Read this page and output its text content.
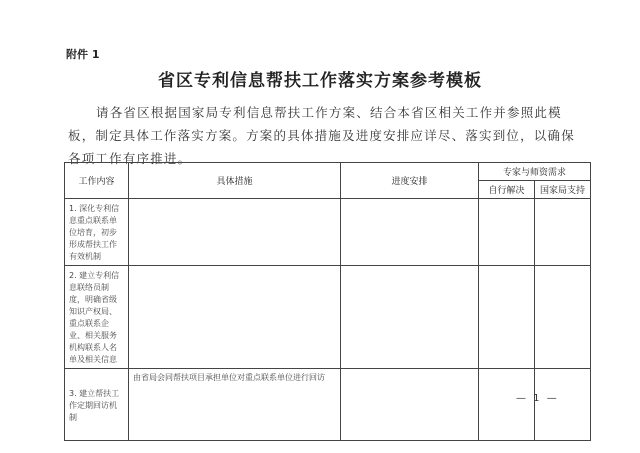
附件 1
省区专利信息帮扶工作落实方案参考模板
请各省区根据国家局专利信息帮扶工作方案、结合本省区相关工作并参照此模板，制定具体工作落实方案。方案的具体措施及进度安排应详尽、落实到位，以确保各项工作有序推进。
工作内容	具体措施	进度安排	专家与师资需求	
			自行解决	国家局支持
1. 深化专利信息重点联系单位培育，初步形成帮扶工作有效机制				
2. 建立专利信息联络员制度，明确省级知识产权局、重点联系企业、相关服务机构联系人名单及相关信息				
3. 建立帮扶工作定期回访机制	由省局会同帮扶项目承担单位对重点联系单位进行回访			
— 1 —
